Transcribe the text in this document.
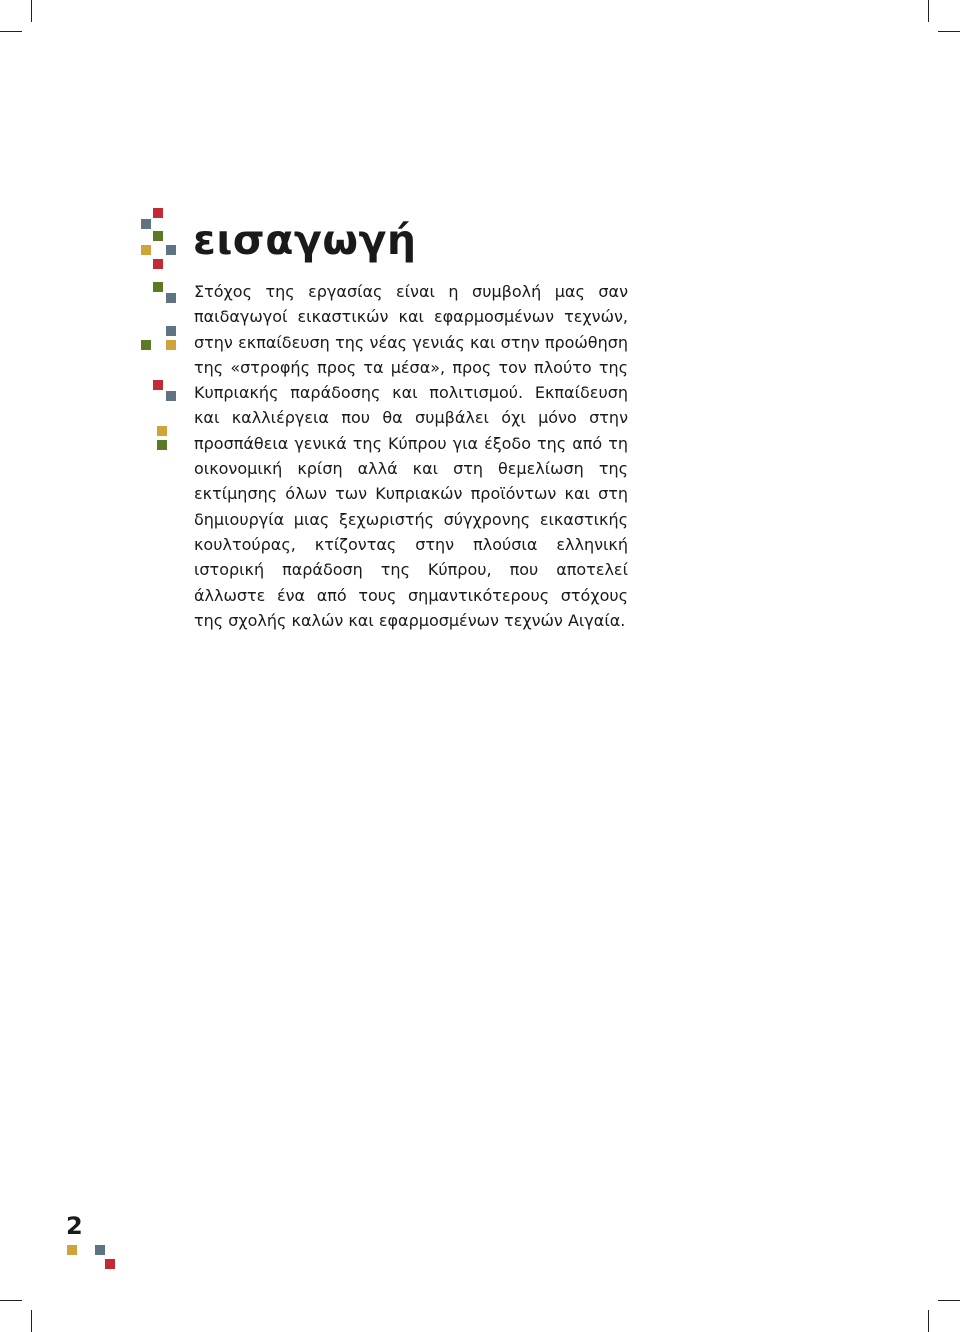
εισαγωγή

Στόχος της εργασίας είναι η συμβολή μας σαν παιδαγωγοί εικαστικών και εφαρμοσμένων τεχνών, στην εκπαίδευση της νέας γενιάς και στην προώθηση της «στροφής προς τα μέσα», προς τον πλούτο της Κυπριακής παράδοσης και πολιτισμού. Εκπαίδευση και καλλιέργεια που θα συμβάλει όχι μόνο στην προσπάθεια γενικά της Κύπρου για έξοδο της από τη οικονομική κρίση αλλά και στη θεμελίωση της εκτίμησης όλων των Κυπριακών προϊόντων και στη δημιουργία μιας ξεχωριστής σύγχρονης εικαστικής κουλτούρας, κτίζοντας στην πλούσια ελληνική ιστορική παράδοση της Κύπρου, που αποτελεί άλλωστε ένα από τους σημαντικότερους στόχους της σχολής καλών και εφαρμοσμένων τεχνών Αιγαία.

2
